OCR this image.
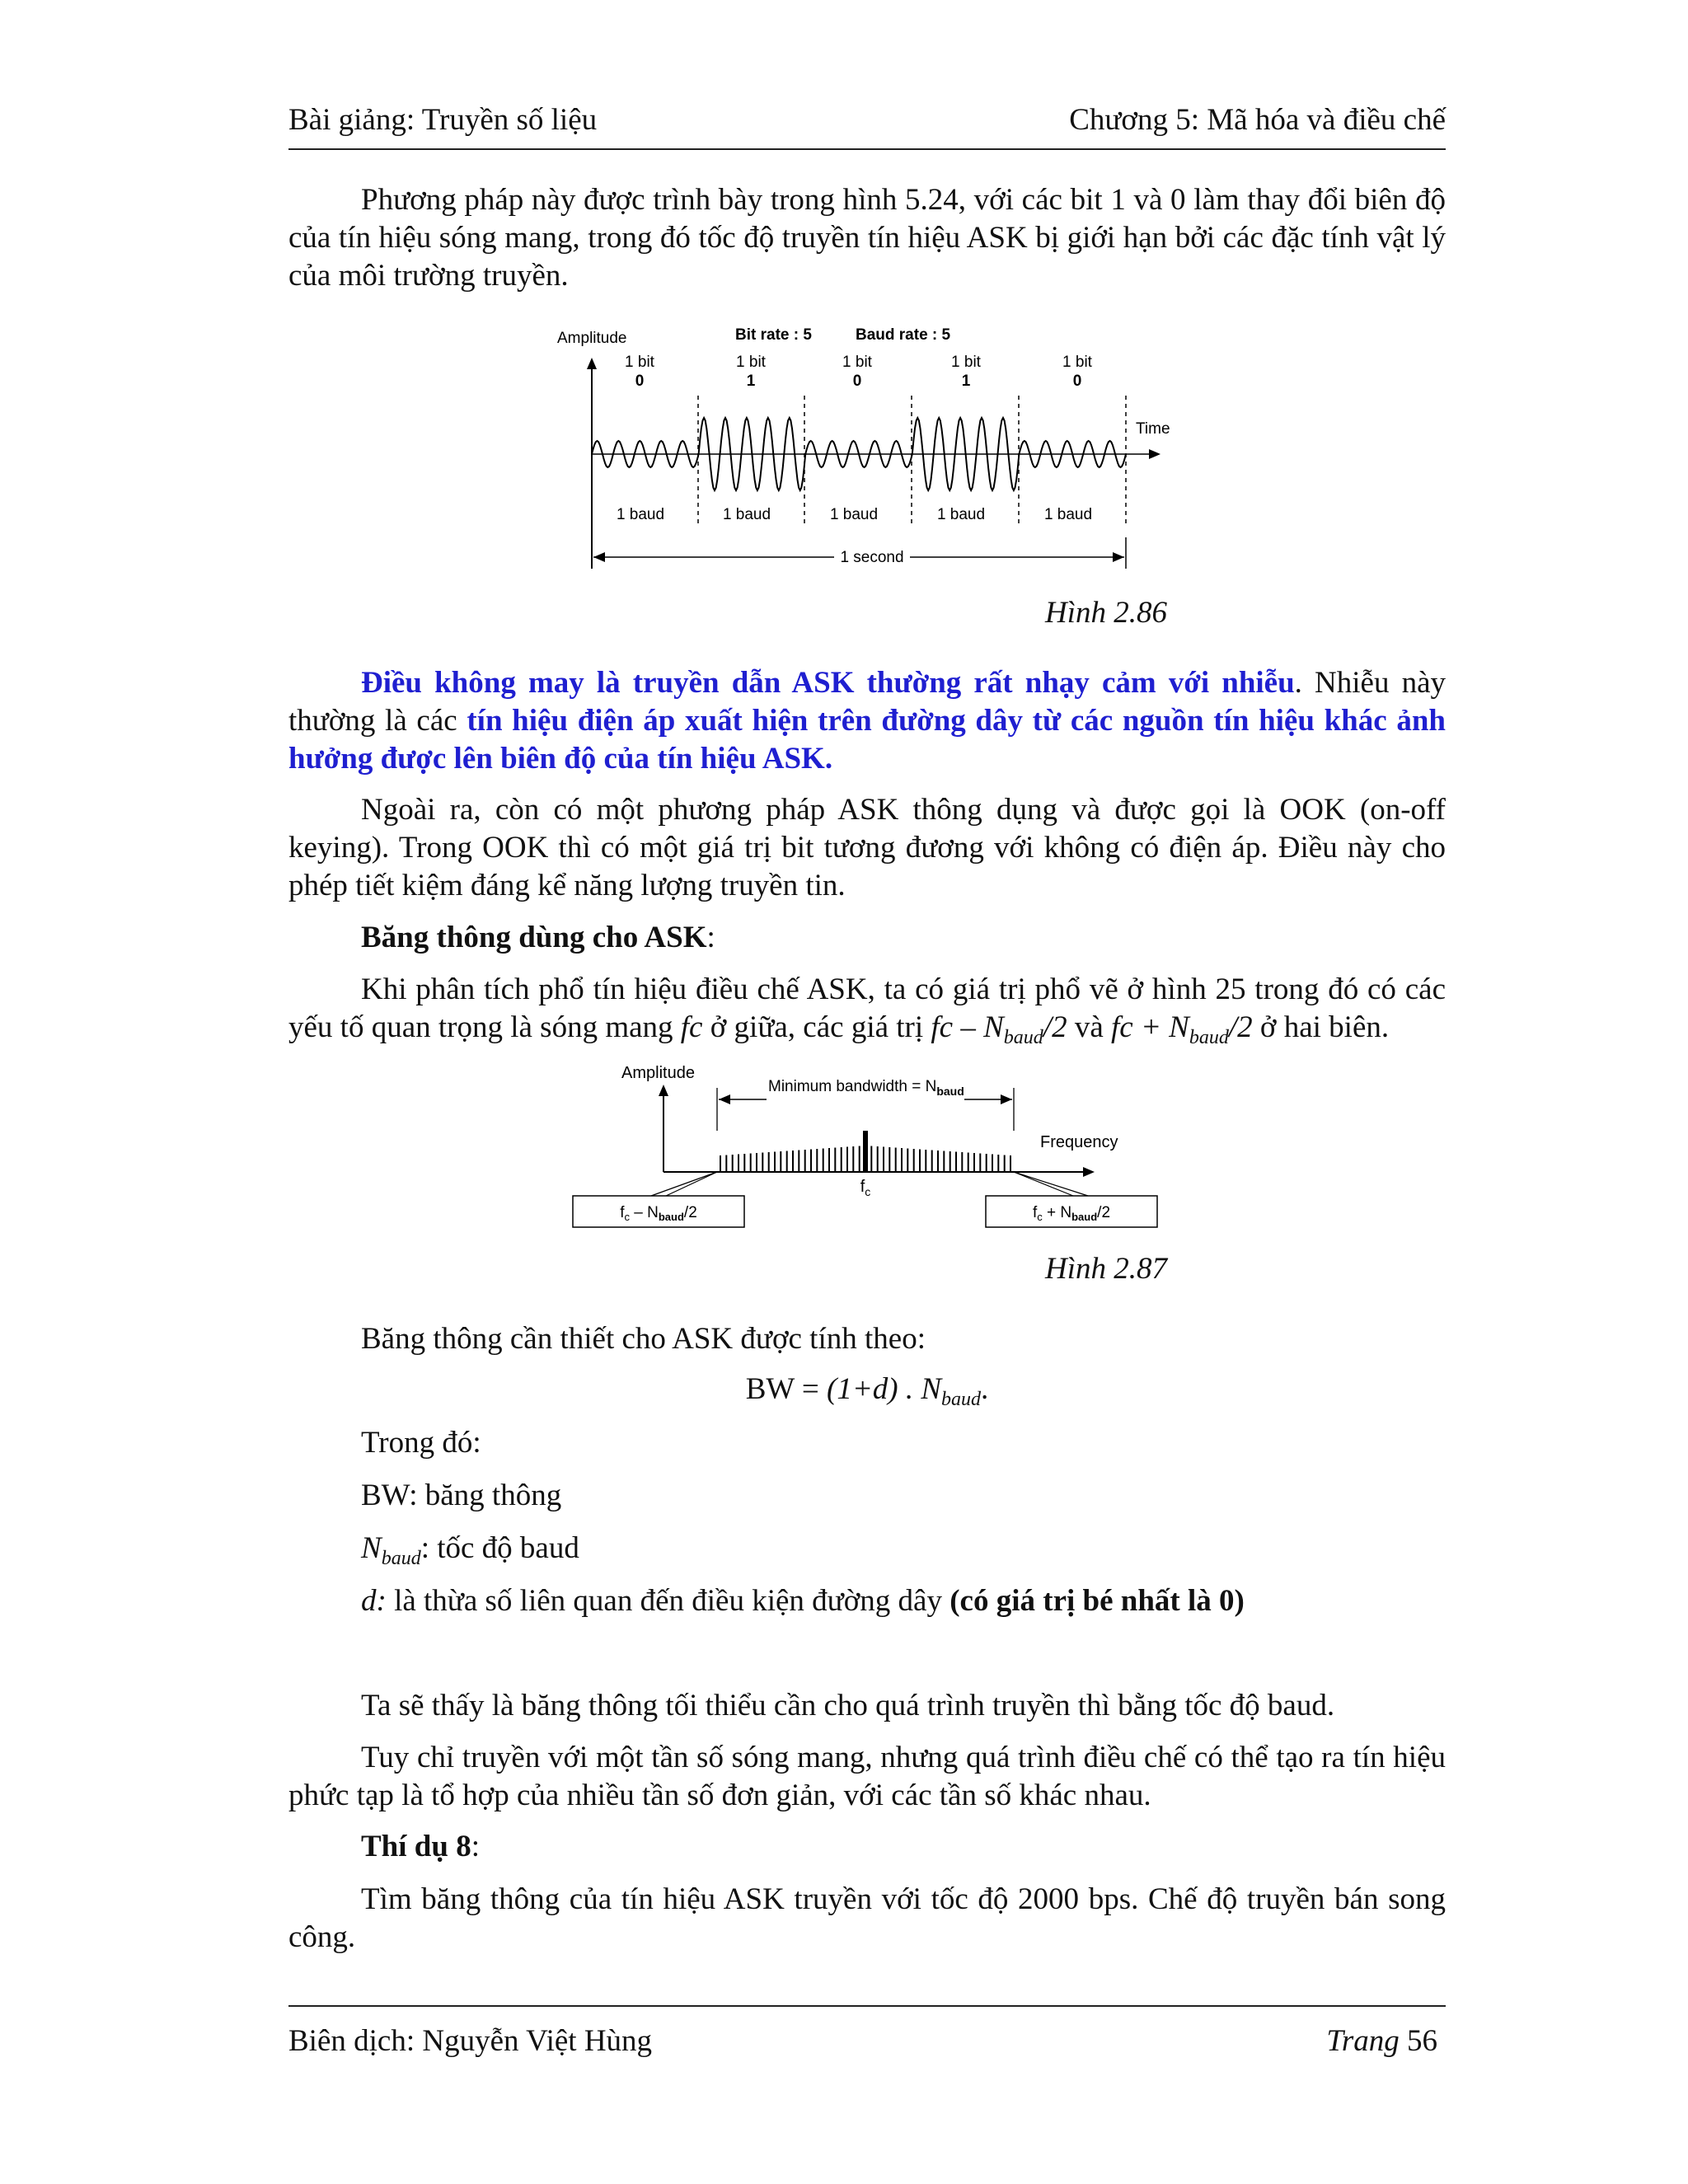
Bài giảng: Truyền số liệu	Chương 5: Mã hóa và điều chế

Phương pháp này được trình bày trong hình 5.24, với các bit 1 và 0 làm thay đổi biên độ của tín hiệu sóng mang, trong đó tốc độ truyền tín hiệu ASK bị giới hạn bởi các đặc tính vật lý của môi trường truyền.

Amplitude	Bit rate : 5	Baud rate : 5
1 bit	1 bit	1 bit	1 bit	1 bit
0	1	0	1	0
Time
1 baud	1 baud	1 baud	1 baud	1 baud
1 second
Hình 2.86

Điều không may là truyền dẫn ASK thường rất nhạy cảm với nhiễu. Nhiễu này thường là các tín hiệu điện áp xuất hiện trên đường dây từ các nguồn tín hiệu khác ảnh hưởng được lên biên độ của tín hiệu ASK.

Ngoài ra, còn có một phương pháp ASK thông dụng và được gọi là OOK (on-off keying). Trong OOK thì có một giá trị bit tương đương với không có điện áp. Điều này cho phép tiết kiệm đáng kể năng lượng truyền tin.

Băng thông dùng cho ASK:

Khi phân tích phổ tín hiệu điều chế ASK, ta có giá trị phổ vẽ ở hình 25 trong đó có các yếu tố quan trọng là sóng mang fc ở giữa, các giá trị fc – $N_{baud}/2$ và fc + $N_{baud}/2$ ở hai biên.

Amplitude
Frequency
Minimum bandwidth = $N_{baud}$
$f_c$
$f_c - N_{baud}/2$	$f_c + N_{baud}/2$
Hình 2.87

Băng thông cần thiết cho ASK được tính theo:

BW = (1+d) . $N_{baud}$.

Trong đó:

BW: băng thông

$N_{baud}$: tốc độ baud

d: là thừa số liên quan đến điều kiện đường dây (có giá trị bé nhất là 0)

Ta sẽ thấy là băng thông tối thiểu cần cho quá trình truyền thì bằng tốc độ baud.

Tuy chỉ truyền với một tần số sóng mang, nhưng quá trình điều chế có thể tạo ra tín hiệu phức tạp là tổ hợp của nhiều tần số đơn giản, với các tần số khác nhau.

Thí dụ 8:

Tìm băng thông của tín hiệu ASK truyền với tốc độ 2000 bps. Chế độ truyền bán song công.

Biên dịch: Nguyễn Việt Hùng	Trang 56
